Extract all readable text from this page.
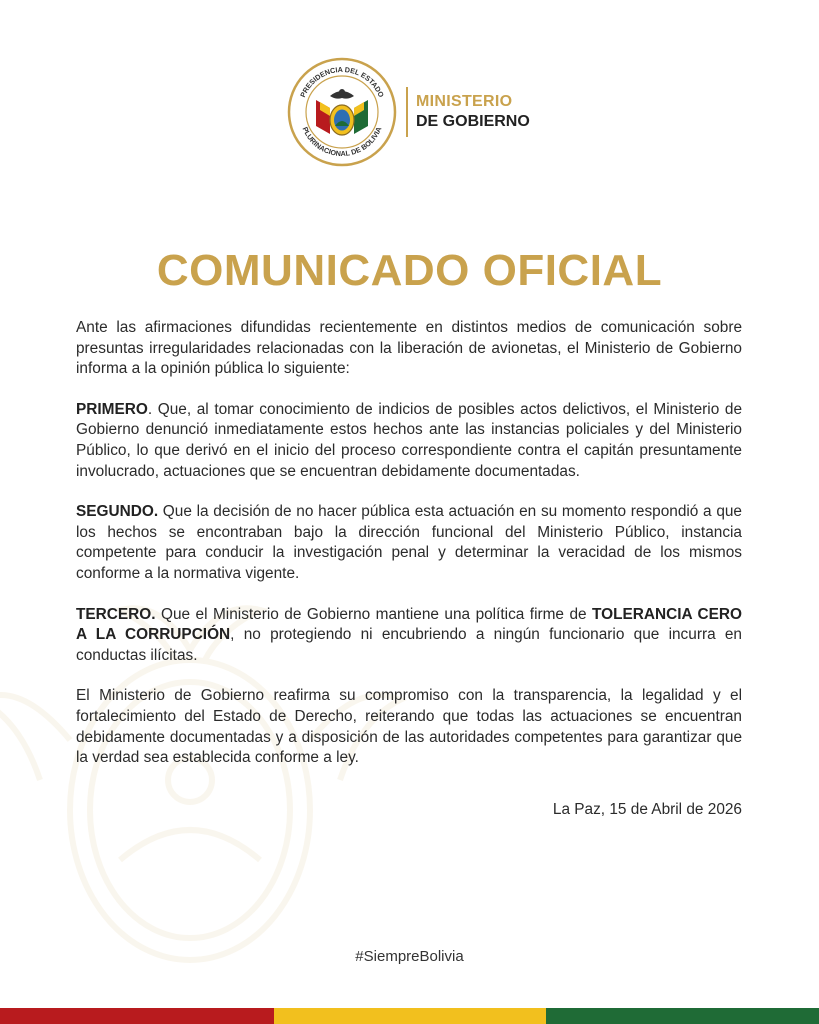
PRESIDENCIA DEL ESTADO
PLURINACIONAL DE BOLIVIA
MINISTERIO
DE GOBIERNO
COMUNICADO OFICIAL

Ante las afirmaciones difundidas recientemente en distintos medios de comunicación sobre presuntas irregularidades relacionadas con la liberación de avionetas, el Ministerio de Gobierno informa a la opinión pública lo siguiente:

PRIMERO. Que, al tomar conocimiento de indicios de posibles actos delictivos, el Ministerio de Gobierno denunció inmediatamente estos hechos ante las instancias policiales y del Ministerio Público, lo que derivó en el inicio del proceso correspondiente contra el capitán presuntamente involucrado, actuaciones que se encuentran debidamente documentadas.

SEGUNDO. Que la decisión de no hacer pública esta actuación en su momento respondió a que los hechos se encontraban bajo la dirección funcional del Ministerio Público, instancia competente para conducir la investigación penal y determinar la veracidad de los mismos conforme a la normativa vigente.

TERCERO. Que el Ministerio de Gobierno mantiene una política firme de TOLERANCIA CERO A LA CORRUPCIÓN, no protegiendo ni encubriendo a ningún funcionario que incurra en conductas ilícitas.

El Ministerio de Gobierno reafirma su compromiso con la transparencia, la legalidad y el fortalecimiento del Estado de Derecho, reiterando que todas las actuaciones se encuentran debidamente documentadas y a disposición de las autoridades competentes para garantizar que la verdad sea establecida conforme a ley.

La Paz, 15 de Abril de 2026
#SiempreBolivia
